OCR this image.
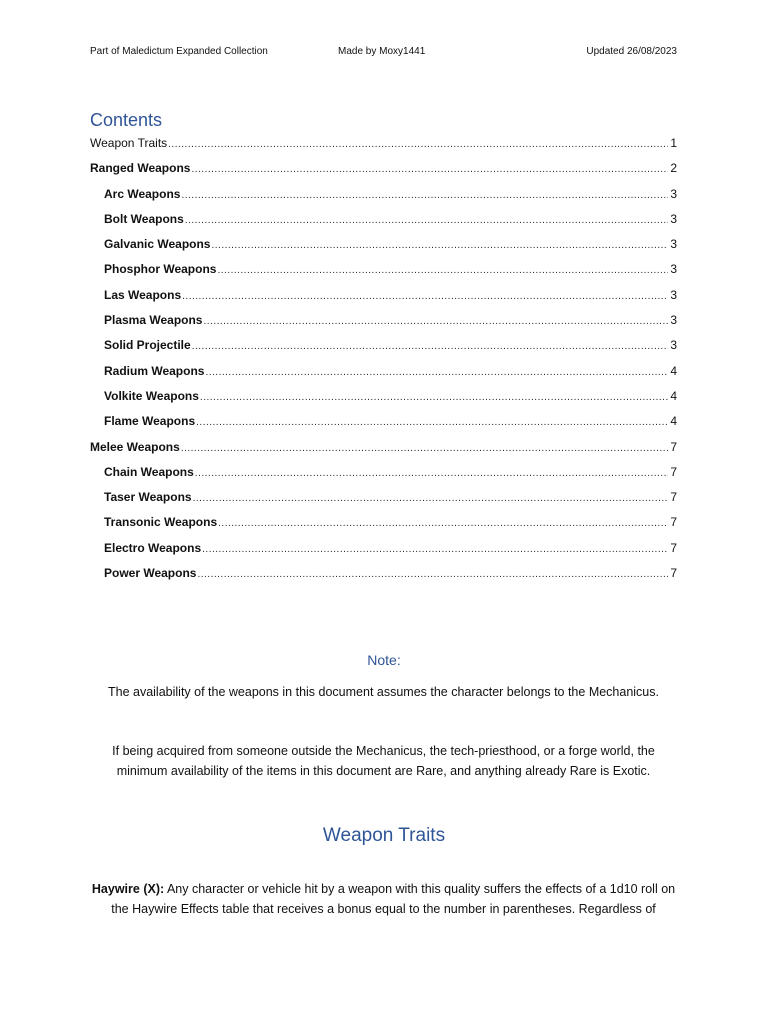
Part of Maledictum Expanded Collection	Made by Moxy1441	Updated 26/08/2023
Contents
Weapon Traits .....	1
Ranged Weapons .....	2
Arc Weapons .....	3
Bolt Weapons .....	3
Galvanic Weapons .....	3
Phosphor Weapons .....	3
Las Weapons .....	3
Plasma Weapons .....	3
Solid Projectile .....	3
Radium Weapons .....	4
Volkite Weapons .....	4
Flame Weapons .....	4
Melee Weapons .....	7
Chain Weapons .....	7
Taser Weapons .....	7
Transonic Weapons .....	7
Electro Weapons .....	7
Power Weapons .....	7
Note:

The availability of the weapons in this document assumes the character belongs to the Mechanicus.

If being acquired from someone outside the Mechanicus, the tech-priesthood, or a forge world, the minimum availability of the items in this document are Rare, and anything already Rare is Exotic.

Weapon Traits

Haywire (X): Any character or vehicle hit by a weapon with this quality suffers the effects of a 1d10 roll on the Haywire Effects table that receives a bonus equal to the number in parentheses. Regardless of
